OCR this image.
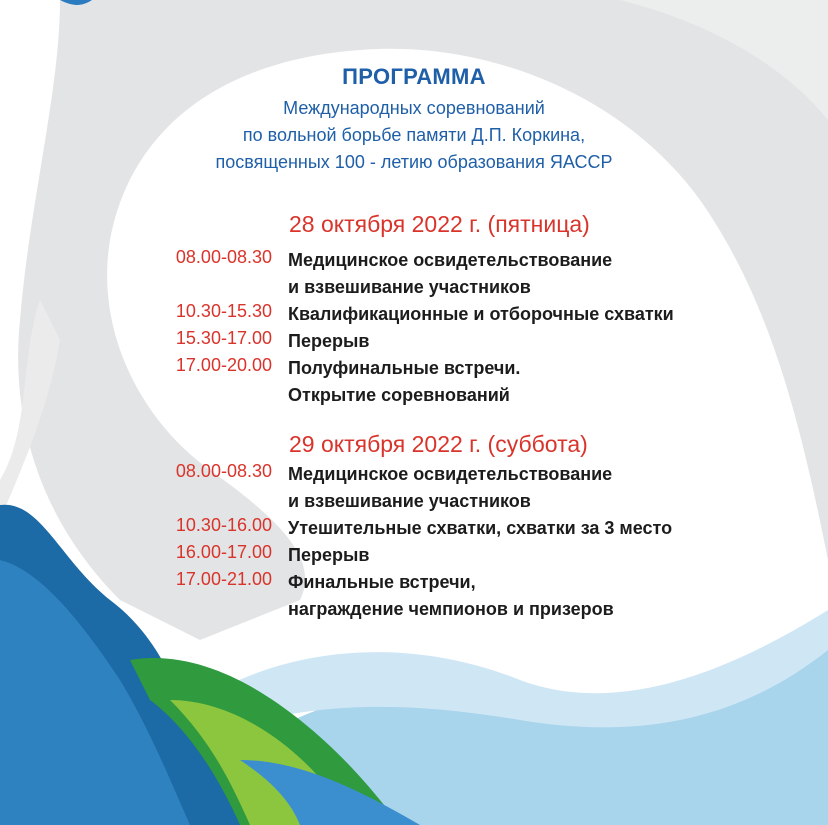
ПРОГРАММА
Международных соревнований
по вольной борьбе памяти Д.П. Коркина,
посвященных 100 - летию образования ЯАССР
28 октября 2022 г. (пятница)
08.00-08.30 Медицинское освидетельствование
и взвешивание участников
10.30-15.30 Квалификационные и отборочные схватки
15.30-17.00 Перерыв
17.00-20.00 Полуфинальные встречи.
Открытие соревнований
29 октября 2022 г. (суббота)
08.00-08.30 Медицинское освидетельствование
и взвешивание участников
10.30-16.00 Утешительные схватки, схватки за 3 место
16.00-17.00 Перерыв
17.00-21.00 Финальные встречи,
награждение чемпионов и призеров
